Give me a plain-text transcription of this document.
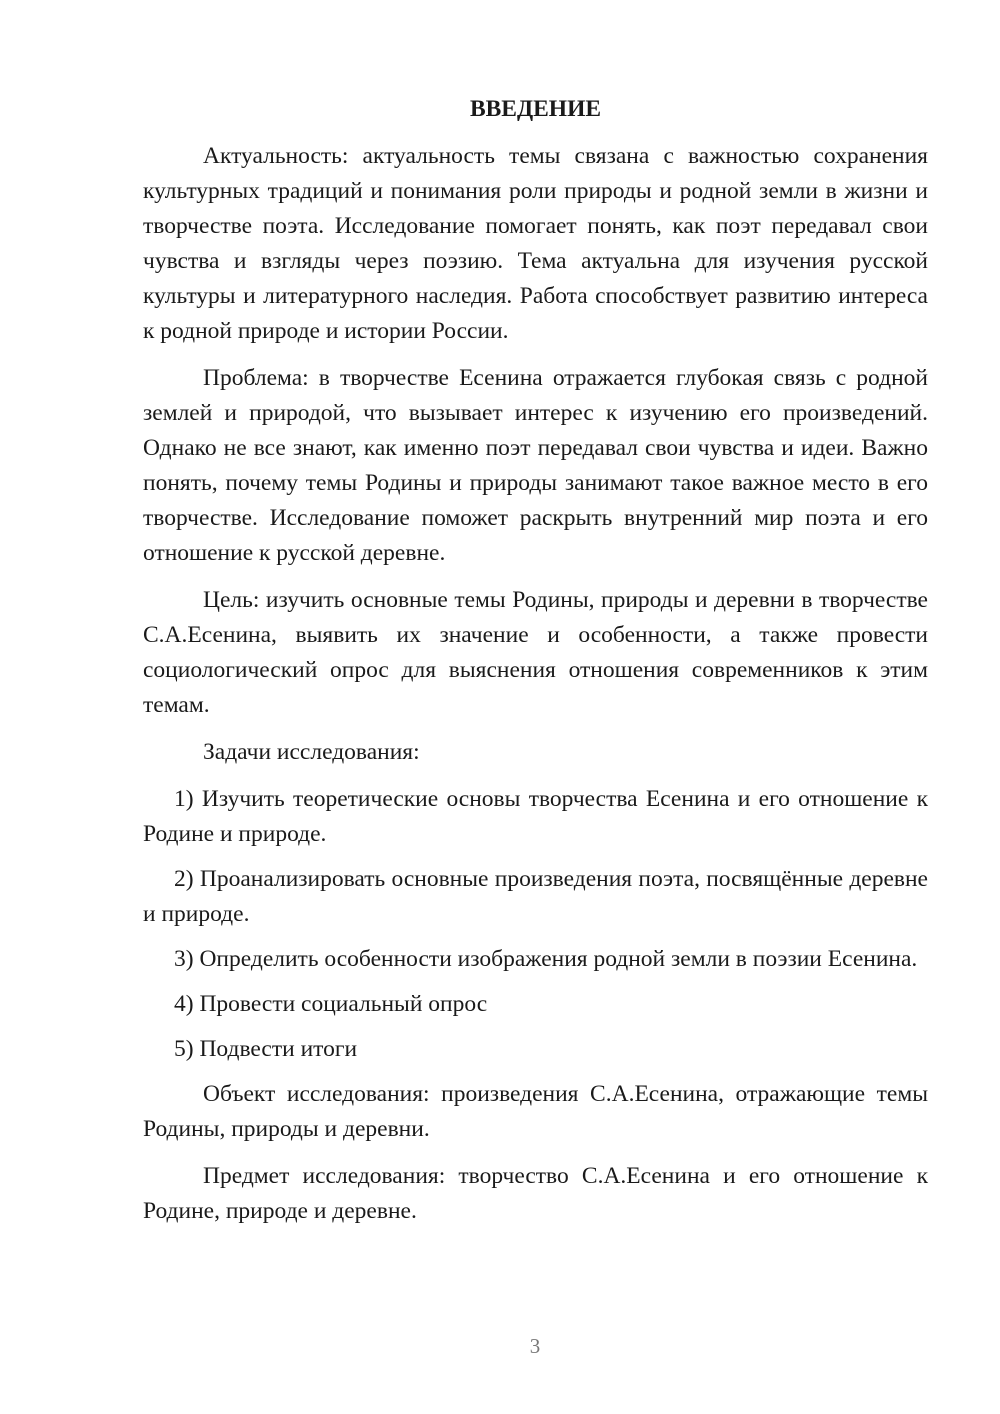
ВВЕДЕНИЕ

Актуальность: актуальность темы связана с важностью сохранения культурных традиций и понимания роли природы и родной земли в жизни и творчестве поэта. Исследование помогает понять, как поэт передавал свои чувства и взгляды через поэзию. Тема актуальна для изучения русской культуры и литературного наследия. Работа способствует развитию интереса к родной природе и истории России.

Проблема: в творчестве Есенина отражается глубокая связь с родной землей и природой, что вызывает интерес к изучению его произведений. Однако не все знают, как именно поэт передавал свои чувства и идеи. Важно понять, почему темы Родины и природы занимают такое важное место в его творчестве. Исследование поможет раскрыть внутренний мир поэта и его отношение к русской деревне.

Цель: изучить основные темы Родины, природы и деревни в творчестве С.А.Есенина, выявить их значение и особенности, а также провести социологический опрос для выяснения отношения современников к этим темам.

Задачи исследования:

1) Изучить теоретические основы творчества Есенина и его отношение к Родине и природе.

2) Проанализировать основные произведения поэта, посвящённые деревне и природе.

3) Определить особенности изображения родной земли в поэзии Есенина.

4) Провести социальный опрос

5) Подвести итоги

Объект исследования: произведения С.А.Есенина, отражающие темы Родины, природы и деревни.

Предмет исследования: творчество С.А.Есенина и его отношение к Родине, природе и деревне.

3
